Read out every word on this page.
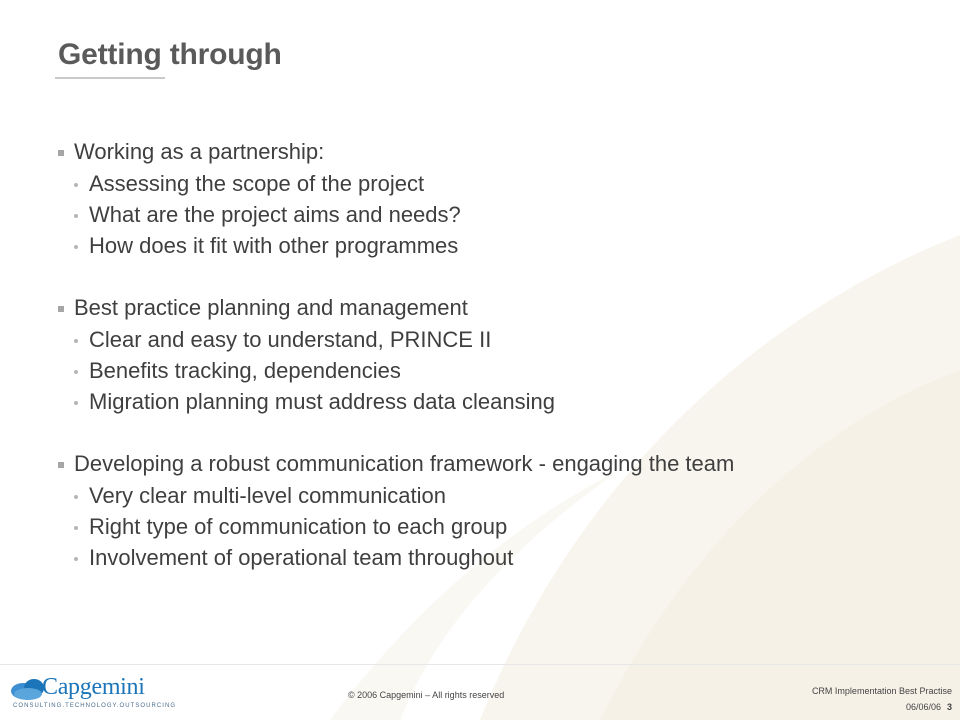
Getting through
Working as a partnership:
Assessing the scope of the project
What are the project aims and needs?
How does it fit with other programmes
Best practice planning and management
Clear and easy to understand, PRINCE II
Benefits tracking, dependencies
Migration planning must address data cleansing
Developing a robust communication framework - engaging the team
Very clear multi-level communication
Right type of communication to each group
Involvement of operational team throughout
Capgemini
CONSULTING.TECHNOLOGY.OUTSOURCING
© 2006 Capgemini – All rights reserved	CRM Implementation Best Practise
06/06/06 3
